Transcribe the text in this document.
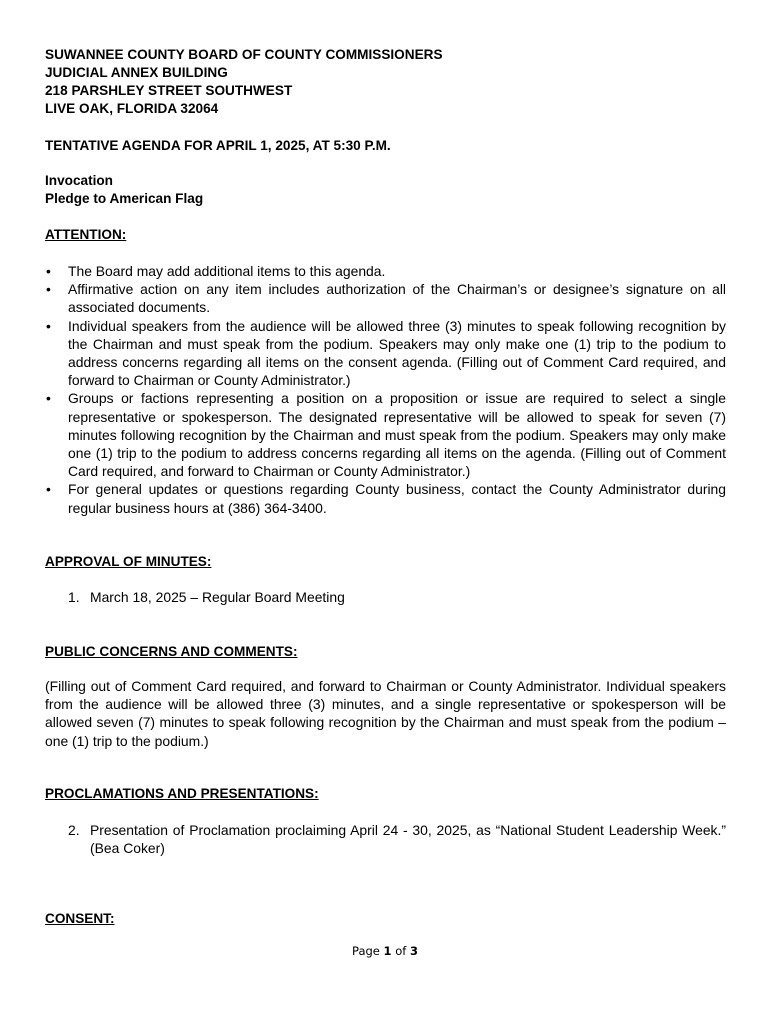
SUWANNEE COUNTY BOARD OF COUNTY COMMISSIONERS
JUDICIAL ANNEX BUILDING
218 PARSHLEY STREET SOUTHWEST
LIVE OAK, FLORIDA 32064
TENTATIVE AGENDA FOR APRIL 1, 2025, AT 5:30 P.M.
Invocation
Pledge to American Flag
ATTENTION:
• The Board may add additional items to this agenda.
• Affirmative action on any item includes authorization of the Chairman’s or designee’s signature on all associated documents.
• Individual speakers from the audience will be allowed three (3) minutes to speak following recognition by the Chairman and must speak from the podium. Speakers may only make one (1) trip to the podium to address concerns regarding all items on the consent agenda. (Filling out of Comment Card required, and forward to Chairman or County Administrator.)
• Groups or factions representing a position on a proposition or issue are required to select a single representative or spokesperson. The designated representative will be allowed to speak for seven (7) minutes following recognition by the Chairman and must speak from the podium. Speakers may only make one (1) trip to the podium to address concerns regarding all items on the agenda. (Filling out of Comment Card required, and forward to Chairman or County Administrator.)
• For general updates or questions regarding County business, contact the County Administrator during regular business hours at (386) 364-3400.
APPROVAL OF MINUTES:
1. March 18, 2025 – Regular Board Meeting
PUBLIC CONCERNS AND COMMENTS:
(Filling out of Comment Card required, and forward to Chairman or County Administrator. Individual speakers from the audience will be allowed three (3) minutes, and a single representative or spokesperson will be allowed seven (7) minutes to speak following recognition by the Chairman and must speak from the podium – one (1) trip to the podium.)
PROCLAMATIONS AND PRESENTATIONS:
2. Presentation of Proclamation proclaiming April 24 - 30, 2025, as “National Student Leadership Week.” (Bea Coker)
CONSENT:
Page 1 of 3
